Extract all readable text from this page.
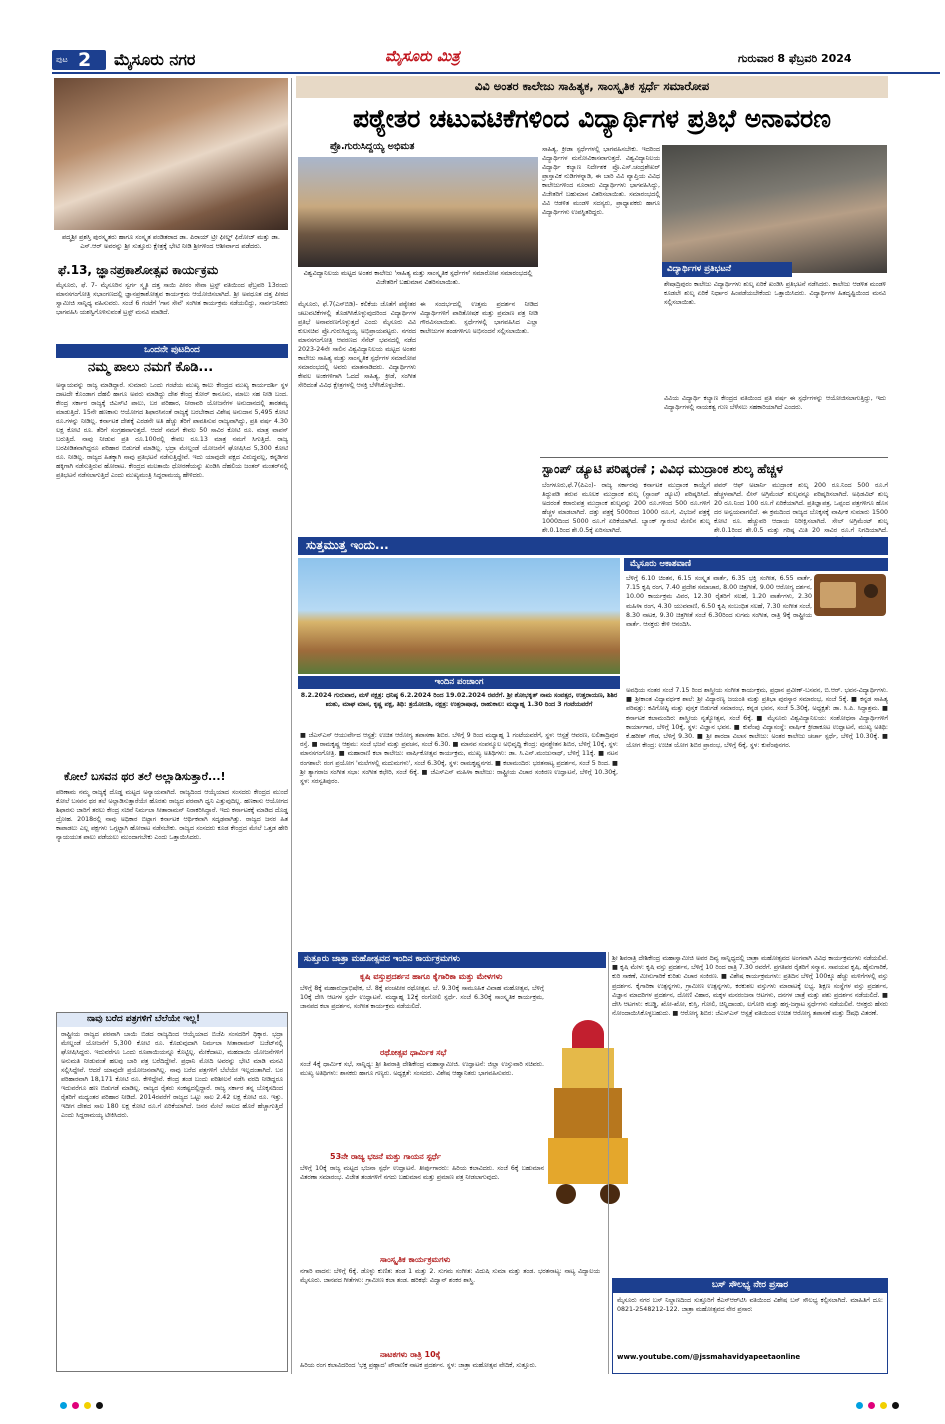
ಪುಟ 2 ಮೈಸೂರು ನಗರ	ಮೈಸೂರು ಮಿತ್ರ	ಗುರುವಾರ 8 ಫೆಬ್ರವರಿ 2024
ಪದ್ಮಶ್ರೀ ಪ್ರಶಸ್ತಿ ಪುರಸ್ಕೃತರು ಹಾಗೂ ಸಂಸ್ಕೃತ ಪಂಡಿತರಾದ ಡಾ. ಪಿರಾಯ್ ಟ್ರೀ ಫೀಲ್ಡ್ ಫಿರೋಜ್ ಮತ್ತು ಡಾ. ಎಸ್.ಆರ್ ಅವರನ್ನು ಶ್ರೀ ಸುತ್ತೂರು ಕ್ಷೇತ್ರಕ್ಕೆ ಭೇಟಿ ನೀಡಿ ಶ್ರೀಗಳಿಂದ ಆಶೀರ್ವಾದ ಪಡೆದರು.
ಫೆ.13, ಜ್ಞಾನಪ್ರಕಾಶೋತ್ಸವ ಕಾರ್ಯಕ್ರಮ
ಮೈಸೂರು, ಫೆ. 7- ಮೈಸೂರಿನ ಸ್ವರ್ಗ ಸ್ಮೃತಿ ದತ್ತ ಸಾಯಿ ಪೀಠಂ ಸೇವಾ ಟ್ರಸ್ಟ್ ವತಿಯಿಂದ ಫೆಬ್ರವರಿ 13ರಂದು ಮಾನಸಗಂಗೋತ್ರಿ ಸಭಾಂಗಣದಲ್ಲಿ ಜ್ಞಾನಪ್ರಕಾಶೋತ್ಸವ ಕಾರ್ಯಕ್ರಮ ಆಯೋಜಿಸಲಾಗಿದೆ. ಶ್ರೀ ಅವಧೂತ ದತ್ತ ಪೀಠದ ಸ್ವಾಮೀಜಿ ಸಾನ್ನಿಧ್ಯ ವಹಿಸುವರು. ಸಂಜೆ 6 ಗಂಟೆಗೆ 'ಗಾನ ಸೇವೆ' ಸಂಗೀತ ಕಾರ್ಯಕ್ರಮ ನಡೆಯಲಿದ್ದು, ಸಾರ್ವಜನಿಕರು ಭಾಗವಹಿಸಿ ಯಶಸ್ವಿಗೊಳಿಸುವಂತೆ ಟ್ರಸ್ಟ್ ಮನವಿ ಮಾಡಿದೆ.
ಒಂದನೇ ಪುಟದಿಂದ
ನಮ್ಮ ಪಾಲು ನಮಗೆ ಕೊಡಿ...
ಅನ್ಯಾಯವನ್ನು ರಾಜ್ಯ ಮಾಡಿದ್ದಾರೆ. ಸುಮಾರು ಒಂದು ಗಂಟೆಯ ಮುಖ್ಯ ಕಾಲು ಕೇಂದ್ರದ ಮುಖ್ಯ ಕಾರ್ಯದರ್ಶಿ ಸ್ಥಳ ದಾಟದೇ ಕೊಂಡಾಗ ದೆಹಲಿ ಹಾಗೂ ಅವರು ಮಾಡಿದ್ದು ದೇಶ ಕೇಂದ್ರ ಕೋರ್ ಕಾನೂನು, ಮಾಲು ಸಹ ನೀಡಿ ಬಂದ. ಕೇಂದ್ರ ಸರ್ಕಾರ ರಾಜ್ಯಕ್ಕೆ ಜಿಎಸ್‌ಟಿ ಪಾಲು, ಬರ ಪರಿಹಾರ, ನೀರಾವರಿ ಯೋಜನೆಗಳ ಅನುದಾನದಲ್ಲಿ ತಾರತಮ್ಯ ಮಾಡುತ್ತಿದೆ. 15ನೇ ಹಣಕಾಸು ಆಯೋಗದ ಶಿಫಾರಸಿನಂತೆ ರಾಜ್ಯಕ್ಕೆ ಬರಬೇಕಾದ ವಿಶೇಷ ಅನುದಾನ 5,495 ಕೋಟಿ ರೂ.ಗಳನ್ನು ನೀಡಿಲ್ಲ. ಕರ್ನಾಟಕ ದೇಶಕ್ಕೆ ಎರಡನೇ ಅತಿ ಹೆಚ್ಚು ತೆರಿಗೆ ಪಾವತಿಸುವ ರಾಜ್ಯವಾಗಿದ್ದು, ಪ್ರತಿ ವರ್ಷ 4.30 ಲಕ್ಷ ಕೋಟಿ ರೂ. ತೆರಿಗೆ ಸಂಗ್ರಹವಾಗುತ್ತದೆ. ಆದರೆ ನಮಗೆ ಕೇವಲ 50 ಸಾವಿರ ಕೋಟಿ ರೂ. ಮಾತ್ರ ವಾಪಸ್ ಬರುತ್ತಿದೆ. ನಾವು ನೀಡುವ ಪ್ರತಿ ರೂ.100ರಲ್ಲಿ ಕೇವಲ ರೂ.13 ಮಾತ್ರ ನಮಗೆ ಸಿಗುತ್ತಿದೆ. ರಾಜ್ಯ ಬರಪೀಡಿತವಾಗಿದ್ದರೂ ಪರಿಹಾರ ಬಿಡುಗಡೆ ಮಾಡಿಲ್ಲ. ಭದ್ರಾ ಮೇಲ್ದಂಡೆ ಯೋಜನೆಗೆ ಘೋಷಿಸಿದ 5,300 ಕೋಟಿ ರೂ. ನೀಡಿಲ್ಲ. ರಾಜ್ಯದ ಹಿತಕ್ಕಾಗಿ ನಾವು ಪ್ರತಿಭಟನೆ ನಡೆಸುತ್ತಿದ್ದೇವೆ. ಇದು ಯಾವುದೇ ಪಕ್ಷದ ವಿರುದ್ಧವಲ್ಲ, ಕನ್ನಡಿಗರ ಹಕ್ಕಿಗಾಗಿ ನಡೆಸುತ್ತಿರುವ ಹೋರಾಟ. ಕೇಂದ್ರದ ಮಲತಾಯಿ ಧೋರಣೆಯನ್ನು ಖಂಡಿಸಿ ದೆಹಲಿಯ ಜಂತರ್ ಮಂತರ್‌ನಲ್ಲಿ ಪ್ರತಿಭಟನೆ ನಡೆಸಲಾಗುತ್ತಿದೆ ಎಂದು ಮುಖ್ಯಮಂತ್ರಿ ಸಿದ್ದರಾಮಯ್ಯ ಹೇಳಿದರು.
ಕೋಲೆ ಬಸವನ ಥರ ತಲೆ ಅಲ್ಲಾಡಿಸುತ್ತಾರೆ...!
ಪರಿಣಾಮ ನಮ್ಮ ರಾಜ್ಯಕ್ಕೆ ದೊಡ್ಡ ಮಟ್ಟದ ಅನ್ಯಾಯವಾಗಿದೆ. ರಾಜ್ಯದಿಂದ ಆಯ್ಕೆಯಾದ ಸಂಸದರು ಕೇಂದ್ರದ ಮುಂದೆ ಕೋಲೆ ಬಸವನ ಥರ ತಲೆ ಅಲ್ಲಾಡಿಸುತ್ತಾರೆಯೇ ಹೊರತು ರಾಜ್ಯದ ಪರವಾಗಿ ಧ್ವನಿ ಎತ್ತುವುದಿಲ್ಲ. ಹಣಕಾಸು ಆಯೋಗದ ಶಿಫಾರಸು ಜಾರಿಗೆ ತರಲು ಕೇಂದ್ರ ಸಚಿವೆ ನಿರ್ಮಲಾ ಸೀತಾರಾಮನ್ ನಿರಾಕರಿಸಿದ್ದಾರೆ. ಇದು ಕರ್ನಾಟಕಕ್ಕೆ ಮಾಡಿದ ದೊಡ್ಡ ದ್ರೋಹ. 2018ರಲ್ಲಿ ನಾವು ಅಧಿಕಾರ ಬಿಟ್ಟಾಗ ಕರ್ನಾಟಕ ಆರ್ಥಿಕವಾಗಿ ಸದೃಢವಾಗಿತ್ತು. ರಾಜ್ಯದ ಜನರ ಹಿತ ಕಾಪಾಡಲು ಎಲ್ಲ ಪಕ್ಷಗಳು ಒಗ್ಗಟ್ಟಾಗಿ ಹೋರಾಟ ನಡೆಸಬೇಕು. ರಾಜ್ಯದ ಸಂಸದರು ಕೂಡ ಕೇಂದ್ರದ ಮೇಲೆ ಒತ್ತಡ ಹೇರಿ ನ್ಯಾಯಯುತ ಪಾಲು ಪಡೆಯಲು ಮುಂದಾಗಬೇಕು ಎಂದು ಒತ್ತಾಯಿಸಿದರು.
ನಾವು ಬರೆದ ಪತ್ರಗಳಿಗೆ ಬೆಲೆಯೇ ಇಲ್ಲ!
ರಾಷ್ಟ್ರೀಯ ರಾಜ್ಯದ ಪರವಾಗಿ ಬಾಯಿ ಬಿಡದ ರಾಜ್ಯದಿಂದ ಆಯ್ಕೆಯಾದ ಬಿಜೆಪಿ ಸಂಸದರಿಗೆ ಧಿಕ್ಕಾರ. ಭದ್ರಾ ಮೇಲ್ದಂಡೆ ಯೋಜನೆಗೆ 5,300 ಕೋಟಿ ರೂ. ಕೊಡುವುದಾಗಿ ನಿರ್ಮಲಾ ಸೀತಾರಾಮನ್ ಬಜೆಟ್‌ನಲ್ಲಿ ಘೋಷಿಸಿದ್ದರು. ಇದುವರೆಗೂ ಒಂದು ರೂಪಾಯಿಯನ್ನೂ ಕೊಟ್ಟಿಲ್ಲ. ಮೇಕೆದಾಟು, ಮಹದಾಯಿ ಯೋಜನೆಗಳಿಗೆ ಅನುಮತಿ ನೀಡುವಂತೆ ಹಲವು ಬಾರಿ ಪತ್ರ ಬರೆದಿದ್ದೇವೆ. ಪ್ರಧಾನಿ ಮೋದಿ ಅವರನ್ನು ಭೇಟಿ ಮಾಡಿ ಮನವಿ ಸಲ್ಲಿಸಿದ್ದೇವೆ. ಆದರೆ ಯಾವುದೇ ಪ್ರಯೋಜನವಾಗಿಲ್ಲ. ನಾವು ಬರೆದ ಪತ್ರಗಳಿಗೆ ಬೆಲೆಯೇ ಇಲ್ಲದಂತಾಗಿದೆ. ಬರ ಪರಿಹಾರವಾಗಿ 18,171 ಕೋಟಿ ರೂ. ಕೇಳಿದ್ದೇವೆ. ಕೇಂದ್ರ ತಂಡ ಬಂದು ಪರಿಶೀಲನೆ ನಡೆಸಿ ವರದಿ ನೀಡಿದ್ದರೂ ಇದುವರೆಗೂ ಹಣ ಬಿಡುಗಡೆ ಮಾಡಿಲ್ಲ. ರಾಜ್ಯದ ರೈತರು ಸಂಕಷ್ಟದಲ್ಲಿದ್ದಾರೆ. ರಾಜ್ಯ ಸರ್ಕಾರ ತನ್ನ ಬೊಕ್ಕಸದಿಂದ ರೈತರಿಗೆ ಮಧ್ಯಂತರ ಪರಿಹಾರ ನೀಡಿದೆ. 2014ರವರೆಗೆ ರಾಜ್ಯದ ಒಟ್ಟು ಸಾಲ 2.42 ಲಕ್ಷ ಕೋಟಿ ರೂ. ಇತ್ತು. ಇದೀಗ ದೇಶದ ಸಾಲ 180 ಲಕ್ಷ ಕೋಟಿ ರೂ.ಗೆ ಏರಿಕೆಯಾಗಿದೆ. ಜನರ ಮೇಲೆ ಸಾಲದ ಹೊರೆ ಹೆಚ್ಚಾಗುತ್ತಿದೆ ಎಂದು ಸಿದ್ದರಾಮಯ್ಯ ಟೀಕಿಸಿದರು.
ವಿವಿ ಅಂತರ ಕಾಲೇಜು ಸಾಹಿತ್ಯಕ, ಸಾಂಸ್ಕೃತಿಕ ಸ್ಪರ್ಧೆ ಸಮಾರೋಪ
ಪಠ್ಯೇತರ ಚಟುವಟಿಕೆಗಳಿಂದ ವಿದ್ಯಾರ್ಥಿಗಳ ಪ್ರತಿಭೆ ಅನಾವರಣ
ಪ್ರೊ.ಗುರುಸಿದ್ದಯ್ಯ ಅಭಿಮತ
ವಿಶ್ವವಿದ್ಯಾನಿಲಯ ಮಟ್ಟದ ಅಂತರ ಕಾಲೇಜು 'ಸಾಹಿತ್ಯ ಮತ್ತು ಸಾಂಸ್ಕೃತಿಕ ಸ್ಪರ್ಧೆಗಳ' ಸಮಾರೋಪ ಸಮಾರಂಭದಲ್ಲಿ ವಿಜೇತರಿಗೆ ಬಹುಮಾನ ವಿತರಿಸಲಾಯಿತು.
ಮೈಸೂರು, ಫೆ.7(ಎಸ್‌ಬಿಡಿ)- ಕಲಿಕೆಯ ಜೊತೆಗೆ ಪಠ್ಯೇತರ ಚಟುವಟಿಕೆಗಳಲ್ಲಿ ತೊಡಗಿಸಿಕೊಳ್ಳುವುದರಿಂದ ವಿದ್ಯಾರ್ಥಿಗಳ ಪ್ರತಿಭೆ ಅನಾವರಣಗೊಳ್ಳುತ್ತದೆ ಎಂದು ಮೈಸೂರು ವಿವಿ ಕುಲಸಚಿವ ಪ್ರೊ.ಗುರುಸಿದ್ದಯ್ಯ ಅಭಿಪ್ರಾಯಪಟ್ಟರು. ನಗರದ ಮಾನಸಗಂಗೋತ್ರಿ ಆವರಣದ ಸೆನೆಟ್ ಭವನದಲ್ಲಿ ನಡೆದ 2023-24ನೇ ಸಾಲಿನ ವಿಶ್ವವಿದ್ಯಾನಿಲಯ ಮಟ್ಟದ ಅಂತರ ಕಾಲೇಜು ಸಾಹಿತ್ಯ ಮತ್ತು ಸಾಂಸ್ಕೃತಿಕ ಸ್ಪರ್ಧೆಗಳ ಸಮಾರೋಪ ಸಮಾರಂಭದಲ್ಲಿ ಅವರು ಮಾತನಾಡಿದರು. ವಿದ್ಯಾರ್ಥಿಗಳು ಕೇವಲ ಅಂಕಗಳಿಗಾಗಿ ಓದದೆ ಸಾಹಿತ್ಯ, ಕ್ರೀಡೆ, ಸಂಗೀತ ಸೇರಿದಂತೆ ವಿವಿಧ ಕ್ಷೇತ್ರಗಳಲ್ಲಿ ಆಸಕ್ತಿ ಬೆಳೆಸಿಕೊಳ್ಳಬೇಕು.
ಈ ಸಂದರ್ಭದಲ್ಲಿ ಉತ್ತಮ ಪ್ರದರ್ಶನ ನೀಡಿದ ವಿದ್ಯಾರ್ಥಿಗಳಿಗೆ ಪಾರಿತೋಷಕ ಮತ್ತು ಪ್ರಮಾಣ ಪತ್ರ ನೀಡಿ ಗೌರವಿಸಲಾಯಿತು. ಸ್ಪರ್ಧೆಗಳಲ್ಲಿ ಭಾಗವಹಿಸಿದ ಎಲ್ಲಾ ಕಾಲೇಜುಗಳ ತಂಡಗಳಿಗೂ ಅಭಿನಂದನೆ ಸಲ್ಲಿಸಲಾಯಿತು.
ಸಾಹಿತ್ಯ, ಕ್ರೀಡಾ ಸ್ಪರ್ಧೆಗಳಲ್ಲಿ ಭಾಗವಹಿಸಬೇಕು. ಇದರಿಂದ ವಿದ್ಯಾರ್ಥಿಗಳ ಮನೋವಿಕಾಸವಾಗುತ್ತದೆ. ವಿಶ್ವವಿದ್ಯಾನಿಲಯ ವಿದ್ಯಾರ್ಥಿ ಕಲ್ಯಾಣ ನಿರ್ದೇಶಕ ಪ್ರೊ.ಎಸ್.ಚಂದ್ರಶೇಖರ್ ಪ್ರಾಸ್ತಾವಿಕ ನುಡಿಗಳನ್ನಾಡಿ, ಈ ಬಾರಿ ವಿವಿ ವ್ಯಾಪ್ತಿಯ ವಿವಿಧ ಕಾಲೇಜುಗಳಿಂದ ನೂರಾರು ವಿದ್ಯಾರ್ಥಿಗಳು ಭಾಗವಹಿಸಿದ್ದು, ವಿಜೇತರಿಗೆ ಬಹುಮಾನ ವಿತರಿಸಲಾಯಿತು. ಸಮಾರಂಭದಲ್ಲಿ ವಿವಿ ಆಡಳಿತ ಮಂಡಳಿ ಸದಸ್ಯರು, ಪ್ರಾಧ್ಯಾಪಕರು ಹಾಗೂ ವಿದ್ಯಾರ್ಥಿಗಳು ಉಪಸ್ಥಿತರಿದ್ದರು.
ವಿದ್ಯಾರ್ಥಿಗಳ ಪ್ರತಿಭಟನೆ
ಶೇಷಾದ್ರಿಪುರಂ ಕಾಲೇಜು ವಿದ್ಯಾರ್ಥಿಗಳು ಶುಲ್ಕ ಏರಿಕೆ ಖಂಡಿಸಿ ಪ್ರತಿಭಟನೆ ನಡೆಸಿದರು. ಕಾಲೇಜು ಆಡಳಿತ ಮಂಡಳಿ ಕೂಡಲೇ ಶುಲ್ಕ ಏರಿಕೆ ನಿರ್ಧಾರ ಹಿಂಪಡೆಯಬೇಕೆಂದು ಒತ್ತಾಯಿಸಿದರು. ವಿದ್ಯಾರ್ಥಿಗಳ ಹಿತದೃಷ್ಟಿಯಿಂದ ಮನವಿ ಸಲ್ಲಿಸಲಾಯಿತು.
ವಿವಿಯ ವಿದ್ಯಾರ್ಥಿ ಕಲ್ಯಾಣ ಕೇಂದ್ರದ ವತಿಯಿಂದ ಪ್ರತಿ ವರ್ಷ ಈ ಸ್ಪರ್ಧೆಗಳನ್ನು ಆಯೋಜಿಸಲಾಗುತ್ತಿದ್ದು, ಇದು ವಿದ್ಯಾರ್ಥಿಗಳಲ್ಲಿ ನಾಯಕತ್ವ ಗುಣ ಬೆಳೆಸಲು ಸಹಕಾರಿಯಾಗಿದೆ ಎಂದರು.
ಸ್ಟಾಂಪ್ ಡ್ಯೂಟಿ ಪರಿಷ್ಕರಣೆ ; ವಿವಿಧ ಮುದ್ರಾಂಕ ಶುಲ್ಕ ಹೆಚ್ಚಳ
ಬೆಂಗಳೂರು,ಫೆ.7(ಪಿಎಂ)- ರಾಜ್ಯ ಸರ್ಕಾರವು ಕರ್ನಾಟಕ ಮುದ್ರಾಂಕ ಕಾಯ್ದೆಗೆ ತಿದ್ದುಪಡಿ ತರುವ ಮೂಲಕ ಮುದ್ರಾಂಕ ಶುಲ್ಕ (ಸ್ಟಾಂಪ್ ಡ್ಯೂಟಿ) ಪರಿಷ್ಕರಿಸಿದೆ. ಅದರಂತೆ ಕರಾರುಪತ್ರ ಮುದ್ರಾಂಕ ಶುಲ್ಕವನ್ನು 200 ರೂ.ಗಳಿಂದ 500 ರೂ.ಗಳಿಗೆ ಹೆಚ್ಚಳ ಮಾಡಲಾಗಿದೆ. ದತ್ತು ಪತ್ರಕ್ಕೆ 500ರಿಂದ 1000 ರೂ.ಗೆ, ವಿಭಜನೆ ಪತ್ರಕ್ಕೆ 1000ದಿಂದ 5000 ರೂ.ಗೆ ಏರಿಕೆಯಾಗಿದೆ. ಬ್ಯಾಂಕ್ ಗ್ಯಾರಂಟಿ ಮೇಲಿನ ಶುಲ್ಕ ಶೇ.0.1ರಿಂದ ಶೇ.0.5ಕ್ಕೆ ಏರಿಸಲಾಗಿದೆ.
ಪವರ್ ಆಫ್ ಅಟಾರ್ನಿ ಮುದ್ರಾಂಕ ಶುಲ್ಕ 200 ರೂ.ನಿಂದ 500 ರೂ.ಗೆ ಹೆಚ್ಚಳವಾಗಿದೆ. ಲೀಸ್ ಅಗ್ರಿಮೆಂಟ್ ಶುಲ್ಕವನ್ನೂ ಪರಿಷ್ಕರಿಸಲಾಗಿದೆ. ಅಫಿಡವಿಟ್ ಶುಲ್ಕ 20 ರೂ.ನಿಂದ 100 ರೂ.ಗೆ ಏರಿಕೆಯಾಗಿದೆ. ಪ್ರತಿಜ್ಞಾಪತ್ರ, ಒಪ್ಪಂದ ಪತ್ರಗಳಿಗೂ ಹೊಸ ದರ ಅನ್ವಯವಾಗಲಿದೆ. ಈ ಕ್ರಮದಿಂದ ರಾಜ್ಯದ ಬೊಕ್ಕಸಕ್ಕೆ ವಾರ್ಷಿಕ ಸುಮಾರು 1500 ಕೋಟಿ ರೂ. ಹೆಚ್ಚುವರಿ ಆದಾಯ ನಿರೀಕ್ಷಿಸಲಾಗಿದೆ. ಸೇಲ್ ಅಗ್ರಿಮೆಂಟ್ ಶುಲ್ಕ ಶೇ.0.1ರಿಂದ ಶೇ.0.5 ಮತ್ತು ಗರಿಷ್ಠ ಮಿತಿ 20 ಸಾವಿರ ರೂ.ಗೆ ನಿಗದಿಯಾಗಿದೆ.
ಸುತ್ತಮುತ್ತ ಇಂದು...
ಇಂದಿನ ಪಂಚಾಂಗ
8.2.2024 ಗುರುವಾರ, ಮಳೆ ನಕ್ಷತ್ರ: ಧನಿಷ್ಠ 6.2.2024 ರಿಂದ 19.02.2024 ರವರೆಗೆ. ಶ್ರೀ ಶೋಭಕೃತ್ ನಾಮ ಸಂವತ್ಸರ, ಉತ್ತರಾಯಣ, ಶಿಶಿರ ಋತು, ಮಾಘ ಮಾಸ, ಕೃಷ್ಣ ಪಕ್ಷ, ತಿಥಿ: ತ್ರಯೋದಶಿ, ನಕ್ಷತ್ರ: ಉತ್ತರಾಷಾಢ, ರಾಹುಕಾಲ: ಮಧ್ಯಾಹ್ನ 1.30 ರಿಂದ 3 ಗಂಟೆಯವರೆಗೆ
■ ಜೆಎಸ್‌ಎಸ್ ಆಯುರ್ವೇದ ಆಸ್ಪತ್ರೆ: ಉಚಿತ ಆರೋಗ್ಯ ತಪಾಸಣಾ ಶಿಬಿರ. ಬೆಳಿಗ್ಗೆ 9 ರಿಂದ ಮಧ್ಯಾಹ್ನ 1 ಗಂಟೆಯವರೆಗೆ, ಸ್ಥಳ: ಆಸ್ಪತ್ರೆ ಆವರಣ, ಲಲಿತಾದ್ರಿಪುರ ರಸ್ತೆ. ■ ರಾಮಕೃಷ್ಣ ಆಶ್ರಮ: ಸಂಜೆ ಭಜನೆ ಮತ್ತು ಪ್ರವಚನ, ಸಂಜೆ 6.30. ■ ಮಾನವ ಸಂಪನ್ಮೂಲ ಅಭಿವೃದ್ಧಿ ಕೇಂದ್ರ: ಪುನಶ್ಚೇತನ ಶಿಬಿರ, ಬೆಳಿಗ್ಗೆ 10ಕ್ಕೆ, ಸ್ಥಳ: ಮಾನಸಗಂಗೋತ್ರಿ. ■ ಮಹಾರಾಣಿ ಕಲಾ ಕಾಲೇಜು: ವಾರ್ಷಿಕೋತ್ಸವ ಕಾರ್ಯಕ್ರಮ, ಮುಖ್ಯ ಅತಿಥಿಗಳು: ಡಾ. ಸಿ.ಎನ್.ಮಂಜುನಾಥ್, ಬೆಳಿಗ್ಗೆ 11ಕ್ಕೆ. ■ ನಟನ ರಂಗಶಾಲೆ: ರಂಗ ಪ್ರಯೋಗ 'ಮಲೆಗಳಲ್ಲಿ ಮದುಮಗಳು', ಸಂಜೆ 6.30ಕ್ಕೆ, ಸ್ಥಳ: ರಾಮಕೃಷ್ಣನಗರ. ■ ಕಲಾಮಂದಿರ: ಭರತನಾಟ್ಯ ಪ್ರದರ್ಶನ, ಸಂಜೆ 5 ರಿಂದ. ■ ಶ್ರೀ ತ್ಯಾಗರಾಜ ಸಂಗೀತ ಸಭಾ: ಸಂಗೀತ ಕಛೇರಿ, ಸಂಜೆ 6ಕ್ಕೆ. ■ ಜೆಎಸ್‌ಎಸ್ ಮಹಿಳಾ ಕಾಲೇಜು: ರಾಷ್ಟ್ರೀಯ ವಿಚಾರ ಸಂಕಿರಣ ಉದ್ಘಾಟನೆ, ಬೆಳಿಗ್ಗೆ 10.30ಕ್ಕೆ, ಸ್ಥಳ: ಸರಸ್ವತಿಪುರಂ.
ಮೈಸೂರು ಆಕಾಶವಾಣಿ
ಬೆಳಿಗ್ಗೆ 6.10 ಚಿಂತನ, 6.15 ಸಂಸ್ಕೃತ ವಾರ್ತೆ, 6.35 ಭಕ್ತಿ ಸಂಗೀತ, 6.55 ವಾರ್ತೆ, 7.15 ಕೃಷಿ ರಂಗ, 7.40 ಪ್ರದೇಶ ಸಮಾಚಾರ, 8.00 ಚಿತ್ರಗೀತೆ, 9.00 ಆರೋಗ್ಯ ದರ್ಶನ, 10.00 ಕಾರ್ಯಕ್ರಮ ವಿವರ, 12.30 ರೈತರಿಗೆ ಸಲಹೆ, 1.20 ವಾರ್ತೆಗಳು, 2.30 ಮಹಿಳಾ ರಂಗ, 4.30 ಯುವವಾಣಿ, 6.50 ಕೃಷಿ ಸಂಬಂಧಿತ ಸಲಹೆ, 7.30 ಸಂಗೀತ ಸಂಜೆ, 8.30 ನಾಟಕ, 9.30 ಚಿತ್ರಗೀತೆ ಸಂಜೆ 6.30ರಿಂದ ಸುಗಮ ಸಂಗೀತ, ರಾತ್ರಿ 9ಕ್ಕೆ ರಾಷ್ಟ್ರೀಯ ವಾರ್ತೆ. ಆಸಕ್ತರು ಕೇಳಿ ಆನಂದಿಸಿ.
ಅವಧಿಯ ನಂತರ ಸಂಜೆ 7.15 ರಿಂದ ಶಾಸ್ತ್ರೀಯ ಸಂಗೀತ ಕಾರ್ಯಕ್ರಮ, ಪ್ರಧಾನ ಪ್ರವೀಣ್-ಬಸವನ, ಬಿ.ಆರ್. ಭವನ-ವಿದ್ಯಾರ್ಥಿಗಳು. ■ ಶ್ರೀಕಾಂತ ವಿದ್ಯಾವರ್ಧಕ ಶಾಲೆ: ಶ್ರೀ ವಿದ್ಯಾರಣ್ಯ ಜಯಂತಿ ಮತ್ತು ಪ್ರತಿಭಾ ಪುರಸ್ಕಾರ ಸಮಾರಂಭ, ಸಂಜೆ 5ಕ್ಕೆ. ■ ಕನ್ನಡ ಸಾಹಿತ್ಯ ಪರಿಷತ್ತು: ಕವಿಗೋಷ್ಠಿ ಮತ್ತು ಪುಸ್ತಕ ಬಿಡುಗಡೆ ಸಮಾರಂಭ, ಕನ್ನಡ ಭವನ, ಸಂಜೆ 5.30ಕ್ಕೆ, ಅಧ್ಯಕ್ಷತೆ: ಡಾ. ಸಿ.ಪಿ. ಸಿದ್ದಾಶ್ರಮ. ■ ಕರ್ನಾಟಕ ಕಲಾಮಂದಿರ: ಶಾಸ್ತ್ರೀಯ ನೃತ್ಯೋತ್ಸವ, ಸಂಜೆ 6ಕ್ಕೆ. ■ ಮೈಸೂರು ವಿಶ್ವವಿದ್ಯಾನಿಲಯ: ಸಂಶೋಧನಾ ವಿದ್ಯಾರ್ಥಿಗಳಿಗೆ ಕಾರ್ಯಾಗಾರ, ಬೆಳಿಗ್ಗೆ 10ಕ್ಕೆ, ಸ್ಥಳ: ವಿಜ್ಞಾನ ಭವನ. ■ ಕುವೆಂಪು ವಿದ್ಯಾಸಂಸ್ಥೆ: ವಾರ್ಷಿಕ ಕ್ರೀಡಾಕೂಟ ಉದ್ಘಾಟನೆ, ಮುಖ್ಯ ಅತಿಥಿ: ಕೆ.ಹರೀಶ್ ಗೌಡ, ಬೆಳಿಗ್ಗೆ 9.30. ■ ಶ್ರೀ ಶಾರದಾ ವಿಲಾಸ ಕಾಲೇಜು: ಅಂತರ ಕಾಲೇಜು ಚರ್ಚಾ ಸ್ಪರ್ಧೆ, ಬೆಳಿಗ್ಗೆ 10.30ಕ್ಕೆ. ■ ಯೋಗ ಕೇಂದ್ರ: ಉಚಿತ ಯೋಗ ಶಿಬಿರ ಪ್ರಾರಂಭ, ಬೆಳಿಗ್ಗೆ 6ಕ್ಕೆ, ಸ್ಥಳ: ಕುವೆಂಪುನಗರ.
ಸುತ್ತೂರು ಜಾತ್ರಾ ಮಹೋತ್ಸವದ ಇಂದಿನ ಕಾರ್ಯಕ್ರಮಗಳು
ಕೃಷಿ ವಸ್ತುಪ್ರದರ್ಶನ ಹಾಗೂ ಕೈಗಾರಿಕಾ ಮತ್ತು ಮೇಳಗಳು
ಬೆಳಿಗ್ಗೆ 8ಕ್ಕೆ ಮಹಾರುದ್ರಾಭಿಷೇಕ, ಬೆ. 8ಕ್ಕೆ ಪಂಚಪೀಠ ರಥೋತ್ಸವ. ಬೆ. 9.30ಕ್ಕೆ ಸಾಮೂಹಿಕ ವಿವಾಹ ಮಹೋತ್ಸವ, ಬೆಳಿಗ್ಗೆ 10ಕ್ಕೆ ದೇಸಿ ಆಟಗಳ ಸ್ಪರ್ಧೆ ಉದ್ಘಾಟನೆ. ಮಧ್ಯಾಹ್ನ 12ಕ್ಕೆ ರಂಗೋಲಿ ಸ್ಪರ್ಧೆ. ಸಂಜೆ 6.30ಕ್ಕೆ ಸಾಂಸ್ಕೃತಿಕ ಕಾರ್ಯಕ್ರಮ, ಜಾನಪದ ಕಲಾ ಪ್ರದರ್ಶನ, ಸಂಗೀತ ಕಾರ್ಯಕ್ರಮ ನಡೆಯಲಿದೆ.
ರಥೋತ್ಸವ ಧಾರ್ಮಿಕ ಸಭೆ
ಸಂಜೆ 4ಕ್ಕೆ ಧಾರ್ಮಿಕ ಸಭೆ, ಸಾನ್ನಿಧ್ಯ: ಶ್ರೀ ಶಿವರಾತ್ರಿ ದೇಶಿಕೇಂದ್ರ ಮಹಾಸ್ವಾಮೀಜಿ. ಉದ್ಘಾಟನೆ: ಜಿಲ್ಲಾ ಉಸ್ತುವಾರಿ ಸಚಿವರು. ಮುಖ್ಯ ಅತಿಥಿಗಳು: ಶಾಸಕರು ಹಾಗೂ ಗಣ್ಯರು. ಅಧ್ಯಕ್ಷತೆ: ಸಂಸದರು. ವಿಶೇಷ ಆಹ್ವಾನಿತರು ಭಾಗವಹಿಸುವರು.
53ನೇ ರಾಜ್ಯ ಭಜನೆ ಮತ್ತು ಗಾಯನ ಸ್ಪರ್ಧೆ
ಬೆಳಿಗ್ಗೆ 10ಕ್ಕೆ ರಾಜ್ಯ ಮಟ್ಟದ ಭಜನಾ ಸ್ಪರ್ಧೆ ಉದ್ಘಾಟನೆ. ತೀರ್ಪುಗಾರರು: ಹಿರಿಯ ಕಲಾವಿದರು. ಸಂಜೆ 6ಕ್ಕೆ ಬಹುಮಾನ ವಿತರಣಾ ಸಮಾರಂಭ. ವಿಜೇತ ತಂಡಗಳಿಗೆ ನಗದು ಬಹುಮಾನ ಮತ್ತು ಪ್ರಮಾಣ ಪತ್ರ ನೀಡಲಾಗುವುದು.
ಸಾಂಸ್ಕೃತಿಕ ಕಾರ್ಯಕ್ರಮಗಳು
ನಗಾರಿ ವಾದನ: ಬೆಳಿಗ್ಗೆ 6ಕ್ಕೆ. ಡೊಳ್ಳು ಕುಣಿತ: ತಂಡ 1 ಮತ್ತು 2. ಸುಗಮ ಸಂಗೀತ: ವಿದುಷಿ ಸುಮಾ ಮತ್ತು ತಂಡ. ಭರತನಾಟ್ಯ: ನಾಟ್ಯ ವಿದ್ಯಾಲಯ ಮೈಸೂರು. ಜಾನಪದ ಗೀತೆಗಳು: ಗ್ರಾಮೀಣ ಕಲಾ ತಂಡ. ಹರಿಕಥೆ: ವಿದ್ವಾನ್ ಶಂಕರ ಶಾಸ್ತ್ರಿ.
ನಾಟಕಗಳು ರಾತ್ರಿ 10ಕ್ಕೆ
ಹಿರಿಯ ರಂಗ ಕಲಾವಿದರಿಂದ 'ಭಕ್ತ ಪ್ರಹ್ಲಾದ' ಪೌರಾಣಿಕ ನಾಟಕ ಪ್ರದರ್ಶನ. ಸ್ಥಳ: ಜಾತ್ರಾ ಮಹೋತ್ಸವ ವೇದಿಕೆ, ಸುತ್ತೂರು.
ಶ್ರೀ ಶಿವರಾತ್ರಿ ದೇಶಿಕೇಂದ್ರ ಮಹಾಸ್ವಾಮೀಜಿ ಅವರ ದಿವ್ಯ ಸಾನ್ನಿಧ್ಯದಲ್ಲಿ ಜಾತ್ರಾ ಮಹೋತ್ಸವದ ಅಂಗವಾಗಿ ವಿವಿಧ ಕಾರ್ಯಕ್ರಮಗಳು ನಡೆಯಲಿವೆ. ■ ಕೃಷಿ ಮೇಳ: ಕೃಷಿ ವಸ್ತು ಪ್ರದರ್ಶನ, ಬೆಳಿಗ್ಗೆ 10 ರಿಂದ ರಾತ್ರಿ 7.30 ರವರೆಗೆ. ಪ್ರಗತಿಪರ ರೈತರಿಗೆ ಸನ್ಮಾನ. ಸಾವಯವ ಕೃಷಿ, ಹೈನುಗಾರಿಕೆ, ಕುರಿ ಸಾಕಣೆ, ಮೀನುಗಾರಿಕೆ ಕುರಿತು ವಿಚಾರ ಸಂಕಿರಣ. ■ ವಿಶೇಷ ಕಾರ್ಯಕ್ರಮಗಳು: ಪ್ರತಿದಿನ ಬೆಳಿಗ್ಗೆ 100ಕ್ಕೂ ಹೆಚ್ಚು ಮಳಿಗೆಗಳಲ್ಲಿ ವಸ್ತು ಪ್ರದರ್ಶನ. ಕೈಗಾರಿಕಾ ಉತ್ಪನ್ನಗಳು, ಗ್ರಾಮೀಣ ಉತ್ಪನ್ನಗಳು, ಕರಕುಶಲ ವಸ್ತುಗಳು ಮಾರಾಟಕ್ಕೆ ಲಭ್ಯ. ಶಿಕ್ಷಣ ಸಂಸ್ಥೆಗಳ ವಸ್ತು ಪ್ರದರ್ಶನ, ವಿಜ್ಞಾನ ಮಾದರಿಗಳ ಪ್ರದರ್ಶನ, ದೋಣಿ ವಿಹಾರ, ಮಕ್ಕಳ ಮನರಂಜನಾ ಆಟಗಳು, ದನಗಳ ಜಾತ್ರೆ ಮತ್ತು ಪಶು ಪ್ರದರ್ಶನ ನಡೆಯಲಿದೆ. ■ ದೇಸಿ ಆಟಗಳು: ಕಬಡ್ಡಿ, ಖೋ-ಖೋ, ಕುಸ್ತಿ, ಗೋಲಿ, ಚಿನ್ನಿದಾಂಡು, ಲಗೋರಿ ಮತ್ತು ಹಗ್ಗ-ಜಗ್ಗಾಟ ಸ್ಪರ್ಧೆಗಳು ನಡೆಯಲಿವೆ. ಆಸಕ್ತರು ಹೆಸರು ನೋಂದಾಯಿಸಿಕೊಳ್ಳಬಹುದು. ■ ಆರೋಗ್ಯ ಶಿಬಿರ: ಜೆಎಸ್‌ಎಸ್ ಆಸ್ಪತ್ರೆ ವತಿಯಿಂದ ಉಚಿತ ಆರೋಗ್ಯ ತಪಾಸಣೆ ಮತ್ತು ಔಷಧಿ ವಿತರಣೆ.
ಬಸ್ ಸೌಲಭ್ಯ ನೇರ ಪ್ರಸಾರ
ಮೈಸೂರು ನಗರ ಬಸ್ ನಿಲ್ದಾಣದಿಂದ ಸುತ್ತೂರಿಗೆ ಕೆಎಸ್‌ಆರ್‌ಟಿಸಿ ವತಿಯಿಂದ ವಿಶೇಷ ಬಸ್ ಸೌಲಭ್ಯ ಕಲ್ಪಿಸಲಾಗಿದೆ. ಮಾಹಿತಿಗೆ ದೂ: 0821-2548212-122. ಜಾತ್ರಾ ಮಹೋತ್ಸವದ ನೇರ ಪ್ರಸಾರ:
www.youtube.com/@jssmahavidyapeetaonline
